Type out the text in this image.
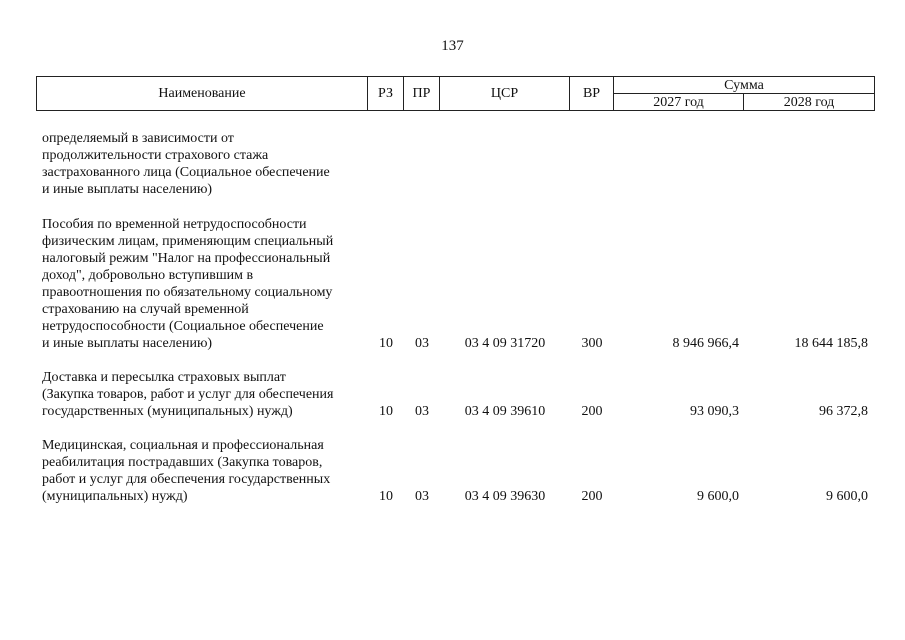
137
Наименование	РЗ	ПР	ЦСР	ВР	Сумма	
					2027 год	2028 год
определяемый в зависимости от
продолжительности страхового стажа
застрахованного лица (Социальное обеспечение
и иные выплаты населению)
Пособия по временной нетрудоспособности
физическим лицам, применяющим специальный
налоговый режим "Налог на профессиональный
доход", добровольно вступившим в
правоотношения по обязательному социальному
страхованию на случай временной
нетрудоспособности (Социальное обеспечение
и иные выплаты населению)	10	03	03 4 09 31720	300	8 946 966,4	18 644 185,8
Доставка и пересылка страховых выплат
(Закупка товаров, работ и услуг для обеспечения
государственных (муниципальных) нужд)	10	03	03 4 09 39610	200	93 090,3	96 372,8
Медицинская, социальная и профессиональная
реабилитация пострадавших (Закупка товаров,
работ и услуг для обеспечения государственных
(муниципальных) нужд)	10	03	03 4 09 39630	200	9 600,0	9 600,0
